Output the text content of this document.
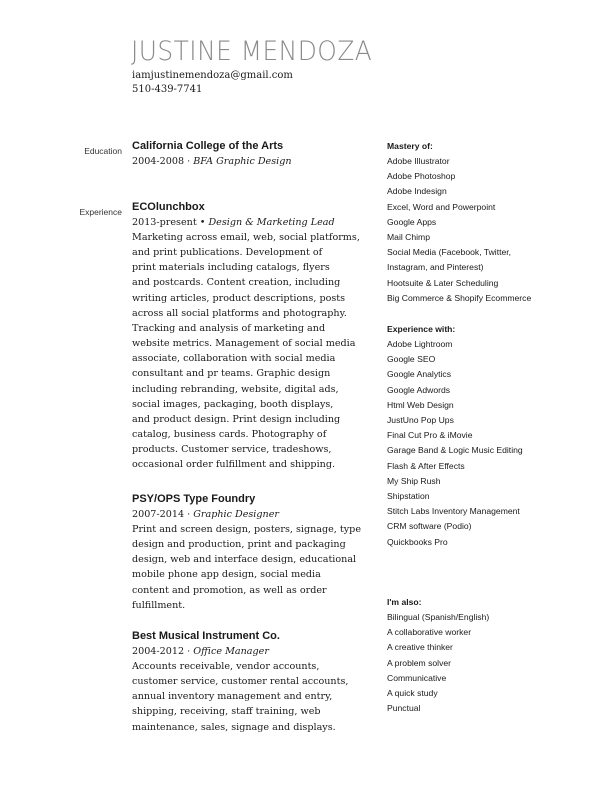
JUSTINE MENDOZA
iamjustinemendoza@gmail.com
510-439-7741
Education California College of the Arts
2004-2008 · BFA Graphic Design
Experience ECOlunchbox
2013-present • Design & Marketing Lead
Marketing across email, web, social platforms,
and print publications. Development of
print materials including catalogs, flyers
and postcards. Content creation, including
writing articles, product descriptions, posts
across all social platforms and photography.
Tracking and analysis of marketing and
website metrics. Management of social media
associate, collaboration with social media
consultant and pr teams. Graphic design
including rebranding, website, digital ads,
social images, packaging, booth displays,
and product design. Print design including
catalog, business cards. Photography of
products. Customer service, tradeshows,
occasional order fulfillment and shipping.
PSY/OPS Type Foundry
2007-2014 · Graphic Designer
Print and screen design, posters, signage, type
design and production, print and packaging
design, web and interface design, educational
mobile phone app design, social media
content and promotion, as well as order
fulfillment.
Best Musical Instrument Co.
2004-2012 · Office Manager
Accounts receivable, vendor accounts,
customer service, customer rental accounts,
annual inventory management and entry,
shipping, receiving, staff training, web
maintenance, sales, signage and displays.
Mastery of:
Adobe Illustrator
Adobe Photoshop
Adobe Indesign
Excel, Word and Powerpoint
Google Apps
Mail Chimp
Social Media (Facebook, Twitter,
Instagram, and Pinterest)
Hootsuite & Later Scheduling
Big Commerce & Shopify Ecommerce
Experience with:
Adobe Lightroom
Google SEO
Google Analytics
Google Adwords
Html Web Design
JustUno Pop Ups
Final Cut Pro & iMovie
Garage Band & Logic Music Editing
Flash & After Effects
My Ship Rush
Shipstation
Stitch Labs Inventory Management
CRM software (Podio)
Quickbooks Pro
I'm also:
Bilingual (Spanish/English)
A collaborative worker
A creative thinker
A problem solver
Communicative
A quick study
Punctual
